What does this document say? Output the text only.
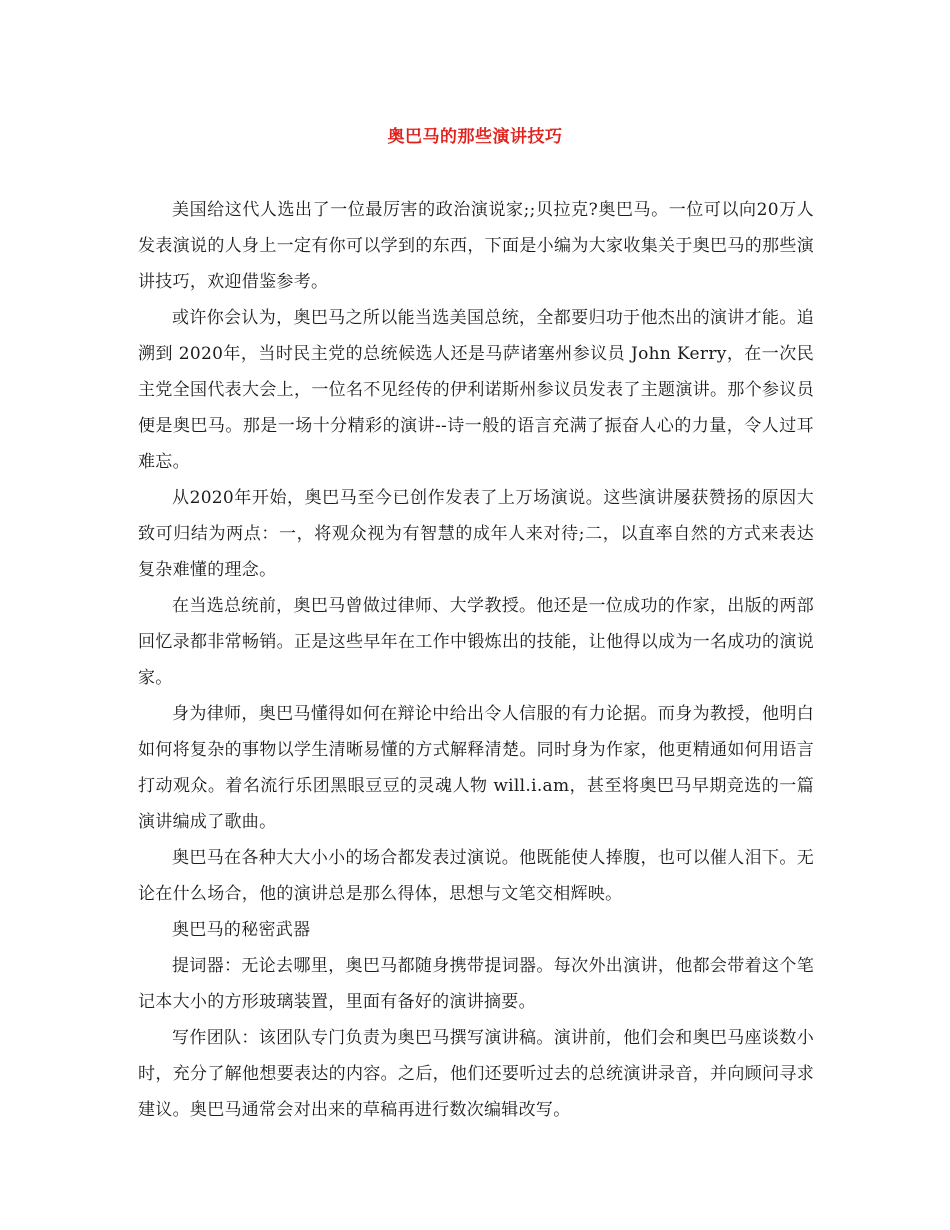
奥巴马的那些演讲技巧

美国给这代人选出了一位最厉害的政治演说家;;贝拉克?奥巴马。一位可以向20万人发表演说的人身上一定有你可以学到的东西，下面是小编为大家收集关于奥巴马的那些演讲技巧，欢迎借鉴参考。

或许你会认为，奥巴马之所以能当选美国总统，全都要归功于他杰出的演讲才能。追溯到 2020年，当时民主党的总统候选人还是马萨诸塞州参议员 John Kerry，在一次民主党全国代表大会上，一位名不见经传的伊利诺斯州参议员发表了主题演讲。那个参议员便是奥巴马。那是一场十分精彩的演讲--诗一般的语言充满了振奋人心的力量，令人过耳难忘。

从2020年开始，奥巴马至今已创作发表了上万场演说。这些演讲屡获赞扬的原因大致可归结为两点：一，将观众视为有智慧的成年人来对待;二，以直率自然的方式来表达复杂难懂的理念。

在当选总统前，奥巴马曾做过律师、大学教授。他还是一位成功的作家，出版的两部回忆录都非常畅销。正是这些早年在工作中锻炼出的技能，让他得以成为一名成功的演说家。

身为律师，奥巴马懂得如何在辩论中给出令人信服的有力论据。而身为教授，他明白如何将复杂的事物以学生清晰易懂的方式解释清楚。同时身为作家，他更精通如何用语言打动观众。着名流行乐团黑眼豆豆的灵魂人物 will.i.am，甚至将奥巴马早期竞选的一篇演讲编成了歌曲。

奥巴马在各种大大小小的场合都发表过演说。他既能使人捧腹，也可以催人泪下。无论在什么场合，他的演讲总是那么得体，思想与文笔交相辉映。

奥巴马的秘密武器

提词器：无论去哪里，奥巴马都随身携带提词器。每次外出演讲，他都会带着这个笔记本大小的方形玻璃装置，里面有备好的演讲摘要。

写作团队：该团队专门负责为奥巴马撰写演讲稿。演讲前，他们会和奥巴马座谈数小时，充分了解他想要表达的内容。之后，他们还要听过去的总统演讲录音，并向顾问寻求建议。奥巴马通常会对出来的草稿再进行数次编辑改写。
